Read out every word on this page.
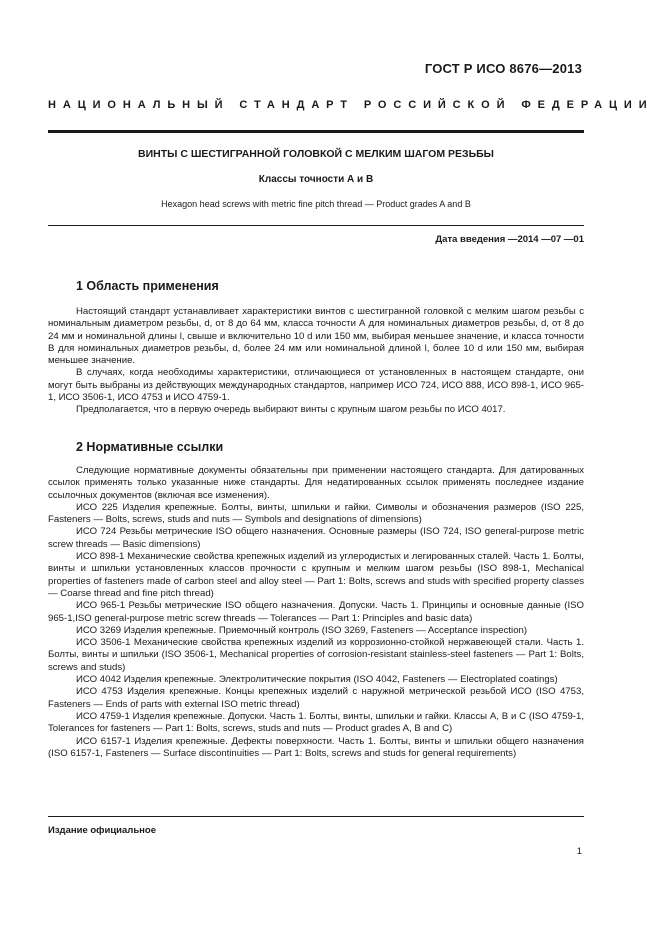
ГОСТ Р ИСО 8676—2013
НАЦИОНАЛЬНЫЙ СТАНДАРТ РОССИЙСКОЙ ФЕДЕРАЦИИ
ВИНТЫ С ШЕСТИГРАННОЙ ГОЛОВКОЙ С МЕЛКИМ ШАГОМ РЕЗЬБЫ
Классы точности А и В
Hexagon head screws with metric fine pitch thread — Product grades A and B
Дата введения —2014 —07 —01
1 Область применения

Настоящий стандарт устанавливает характеристики винтов с шестигранной головкой с мелким шагом резьбы с номинальным диаметром резьбы, d, от 8 до 64 мм, класса точности А для номинальных диаметров резьбы, d, от 8 до 24 мм и номинальной длины l, свыше и включительно 10 d или 150 мм, выбирая меньшее значение, и класса точности В для номинальных диаметров резьбы, d, более 24 мм или номинальной длиной l, более 10 d или 150 мм, выбирая меньшее значение.

В случаях, когда необходимы характеристики, отличающиеся от установленных в настоящем стандарте, они могут быть выбраны из действующих международных стандартов, например ИСО 724, ИСО 888, ИСО 898-1, ИСО 965-1, ИСО 3506-1, ИСО 4753 и ИСО 4759-1.

Предполагается, что в первую очередь выбирают винты с крупным шагом резьбы по ИСО 4017.

2 Нормативные ссылки

Следующие нормативные документы обязательны при применении настоящего стандарта. Для датированных ссылок применять только указанные ниже стандарты. Для недатированных ссылок применять последнее издание ссылочных документов (включая все изменения).

ИСО 225 Изделия крепежные. Болты, винты, шпильки и гайки. Символы и обозначения размеров (ISO 225, Fasteners — Bolts, screws, studs and nuts — Symbols and designations of dimensions)

ИСО 724 Резьбы метрические ISO общего назначения. Основные размеры (ISO 724, ISO general-purpose metric screw threads — Basic dimensions)

ИСО 898-1 Механические свойства крепежных изделий из углеродистых и легированных сталей. Часть 1. Болты, винты и шпильки установленных классов прочности с крупным и мелким шагом резьбы (ISO 898-1, Mechanical properties of fasteners made of carbon steel and alloy steel — Part 1: Bolts, screws and studs with specified property classes — Coarse thread and fine pitch thread)

ИСО 965-1 Резьбы метрические ISO общего назначения. Допуски. Часть 1. Принципы и основные данные (ISO 965-1,ISO general-purpose metric screw threads — Tolerances — Part 1: Principles and basic data)

ИСО 3269 Изделия крепежные. Приемочный контроль (ISO 3269, Fasteners — Acceptance inspection)

ИСО 3506-1 Механические свойства крепежных изделий из коррозионно-стойкой нержавеющей стали. Часть 1. Болты, винты и шпильки (ISO 3506-1, Mechanical properties of corrosion-resistant stainless-steel fasteners — Part 1: Bolts, screws and studs)

ИСО 4042 Изделия крепежные. Электролитические покрытия (ISO 4042, Fasteners — Electroplated coatings)

ИСО 4753 Изделия крепежные. Концы крепежных изделий с наружной метрической резьбой ИСО (ISO 4753, Fasteners — Ends of parts with external ISO metric thread)

ИСО 4759-1 Изделия крепежные. Допуски. Часть 1. Болты, винты, шпильки и гайки. Классы А, В и С (ISO 4759-1, Tolerances for fasteners — Part 1: Bolts, screws, studs and nuts — Product grades A, B and C)

ИСО 6157-1 Изделия крепежные. Дефекты поверхности. Часть 1. Болты, винты и шпильки общего назначения (ISO 6157-1, Fasteners — Surface discontinuities — Part 1: Bolts, screws and studs for general requirements)

Издание официальное
1
